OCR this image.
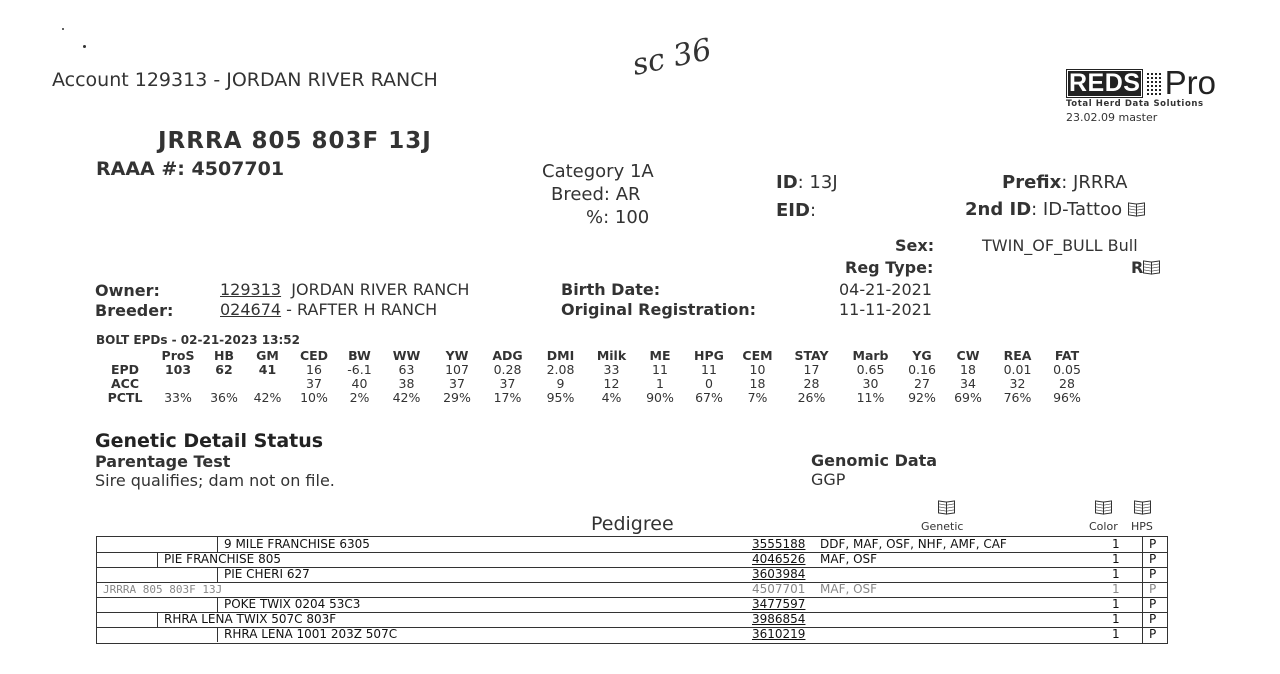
Account 129313 - JORDAN RIVER RANCH	sc 36
REDS Pro
Total Herd Data Solutions
23.02.09 master
JRRRA 805 803F 13J
RAAA #: 4507701	Category 1A
Breed: AR
%: 100
ID: 13J
EID:
Prefix: JRRRA
2nd ID: ID-Tattoo
Sex:	TWIN_OF_BULL Bull
Reg Type:	R
Owner:	129313 JORDAN RIVER RANCH
Breeder:	024674 - RAFTER H RANCH
Birth Date:	04-21-2021
Original Registration:	11-11-2021
BOLT EPDs - 02-21-2023 13:52
	ProS	HB	GM	CED	BW	WW	YW	ADG	DMI	Milk	ME	HPG	CEM	STAY	Marb	YG	CW	REA	FAT
EPD	103	62	41	16	-6.1	63	107	0.28	2.08	33	11	11	10	17	0.65	0.16	18	0.01	0.05
ACC				37	40	38	37	37	9	12	1	0	18	28	30	27	34	32	28
PCTL	33%	36%	42%	10%	2%	42%	29%	17%	95%	4%	90%	67%	7%	26%	11%	92%	69%	76%	96%
Genetic Detail Status
Parentage Test
Sire qualifies; dam not on file.
Genomic Data
GGP
Pedigree	Genetic	Color HPS
9 MILE FRANCHISE 6305	3555188 DDF, MAF, OSF, NHF, AMF, CAF	1 P
PIE FRANCHISE 805	4046526 MAF, OSF	1 P
PIE CHERI 627	3603984	1 P
JRRRA 805 803F 13J	4507701 MAF, OSF	1 P
POKE TWIX 0204 53C3	3477597	1 P
RHRA LENA TWIX 507C 803F	3986854	1 P
RHRA LENA 1001 203Z 507C	3610219	1 P
